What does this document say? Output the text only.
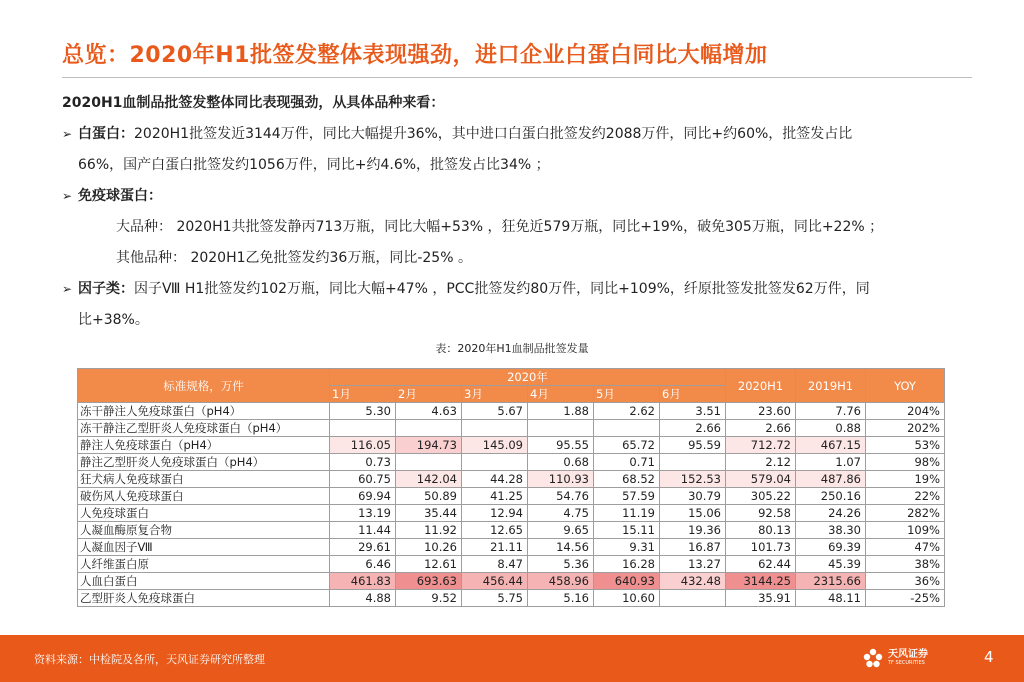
总览：2020年H1批签发整体表现强劲，进口企业白蛋白同比大幅增加
2020H1血制品批签发整体同比表现强劲，从具体品种来看：
➢ 白蛋白：2020H1批签发近3144万件，同比大幅提升36%，其中进口白蛋白批签发约2088万件，同比+约60%，批签发占比
66%，国产白蛋白批签发约1056万件，同比+约4.6%，批签发占比34% ；
➢ 免疫球蛋白：
大品种： 2020H1共批签发静丙713万瓶，同比大幅+53% ，狂免近579万瓶，同比+19%，破免305万瓶，同比+22% ；
其他品种： 2020H1乙免批签发约36万瓶，同比-25% 。
➢ 因子类：因子Ⅷ H1批签发约102万瓶，同比大幅+47% ，PCC批签发约80万件，同比+109%，纤原批签发批签发62万件，同
比+38%。
表：2020年H1血制品批签发量
标准规格，万件	2020年						2020H1	2019H1	YOY
	1月	2月	3月	4月	5月	6月			
冻干静注人免疫球蛋白（pH4）	5.30	4.63	5.67	1.88	2.62	3.51	23.60	7.76	204%
冻干静注乙型肝炎人免疫球蛋白（pH4）						2.66	2.66	0.88	202%
静注人免疫球蛋白（pH4）	116.05	194.73	145.09	95.55	65.72	95.59	712.72	467.15	53%
静注乙型肝炎人免疫球蛋白（pH4）	0.73			0.68	0.71		2.12	1.07	98%
狂犬病人免疫球蛋白	60.75	142.04	44.28	110.93	68.52	152.53	579.04	487.86	19%
破伤风人免疫球蛋白	69.94	50.89	41.25	54.76	57.59	30.79	305.22	250.16	22%
人免疫球蛋白	13.19	35.44	12.94	4.75	11.19	15.06	92.58	24.26	282%
人凝血酶原复合物	11.44	11.92	12.65	9.65	15.11	19.36	80.13	38.30	109%
人凝血因子Ⅷ	29.61	10.26	21.11	14.56	9.31	16.87	101.73	69.39	47%
人纤维蛋白原	6.46	12.61	8.47	5.36	16.28	13.27	62.44	45.39	38%
人血白蛋白	461.83	693.63	456.44	458.96	640.93	432.48	3144.25	2315.66	36%
乙型肝炎人免疫球蛋白	4.88	9.52	5.75	5.16	10.60		35.91	48.11	-25%
资料来源：中检院及各所，天风证券研究所整理	天风证券
TF SECURITIES	4
